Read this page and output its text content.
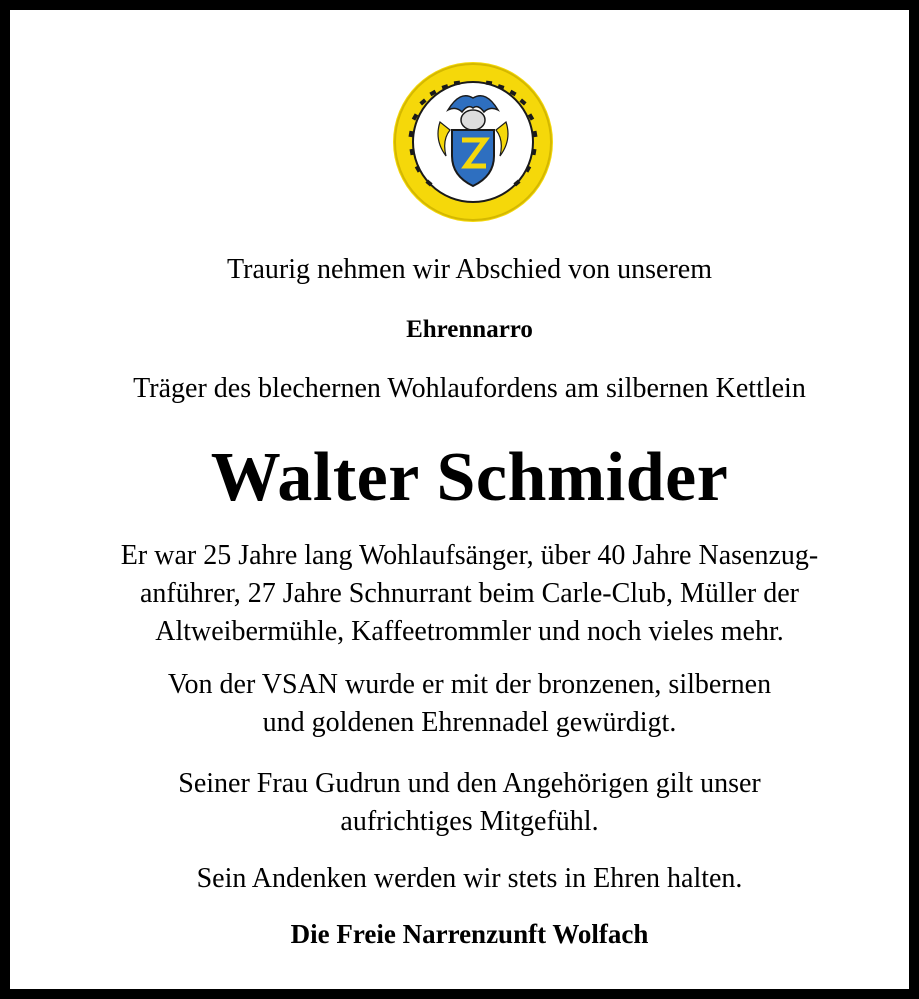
Traurig nehmen wir Abschied von unserem
Ehrennarro
Träger des blechernen Wohlaufordens am silbernen Kettlein
Walter Schmider
Er war 25 Jahre lang Wohlaufsänger, über 40 Jahre Nasenzug-
anführer, 27 Jahre Schnurrant beim Carle-Club, Müller der
Altweibermühle, Kaffeetrommler und noch vieles mehr.
Von der VSAN wurde er mit der bronzenen, silbernen
und goldenen Ehrennadel gewürdigt.
Seiner Frau Gudrun und den Angehörigen gilt unser
aufrichtiges Mitgefühl.
Sein Andenken werden wir stets in Ehren halten.
Die Freie Narrenzunft Wolfach
